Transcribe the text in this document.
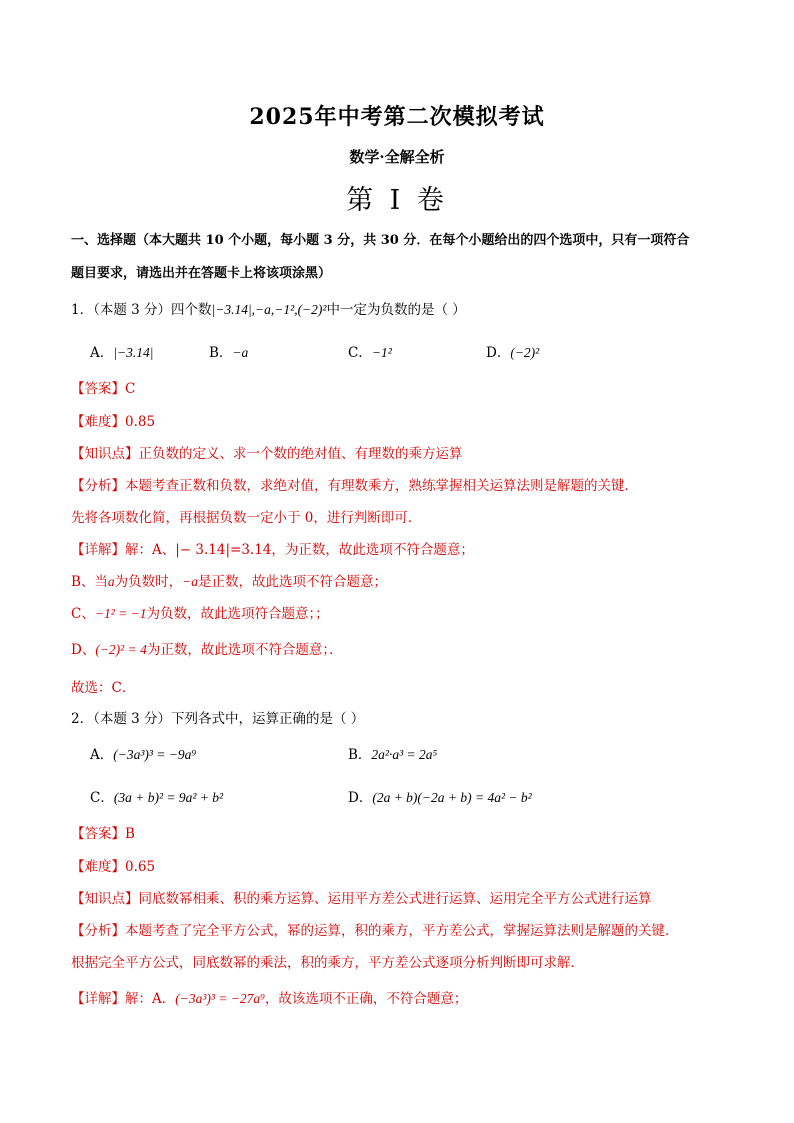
2025年中考第二次模拟考试
数学·全解全析
第 I 卷
一、选择题（本大题共 10 个小题，每小题 3 分，共 30 分．在每个小题给出的四个选项中，只有一项符合
题目要求，请选出并在答题卡上将该项涂黑）
1．（本题 3 分）四个数|−3.14|,−a,−1²,(−2)²中一定为负数的是（ ）
A．|−3.14|	B．−a	C．−1²	D．(−2)²
【答案】C
【难度】0.85
【知识点】正负数的定义、求一个数的绝对值、有理数的乘方运算
【分析】本题考查正数和负数，求绝对值，有理数乘方，熟练掌握相关运算法则是解题的关键．
先将各项数化简，再根据负数一定小于 0，进行判断即可．
【详解】解：A、|− 3.14|=3.14，为正数，故此选项不符合题意；
B、当a为负数时，−a是正数，故此选项不符合题意；
C、−1² = −1为负数，故此选项符合题意；；
D、(−2)² = 4为正数，故此选项不符合题意；．
故选：C．
2．（本题 3 分）下列各式中，运算正确的是（ ）
A．(−3a³)³ = −9a⁹	B．2a²·a³ = 2a⁵
C．(3a + b)² = 9a² + b²	D．(2a + b)(−2a + b) = 4a² − b²
【答案】B
【难度】0.65
【知识点】同底数幂相乘、积的乘方运算、运用平方差公式进行运算、运用完全平方公式进行运算
【分析】本题考查了完全平方公式，幂的运算，积的乘方，平方差公式，掌握运算法则是解题的关键．
根据完全平方公式，同底数幂的乘法，积的乘方，平方差公式逐项分析判断即可求解．
【详解】解：A．(−3a³)³ = −27a⁹，故该选项不正确，不符合题意；
